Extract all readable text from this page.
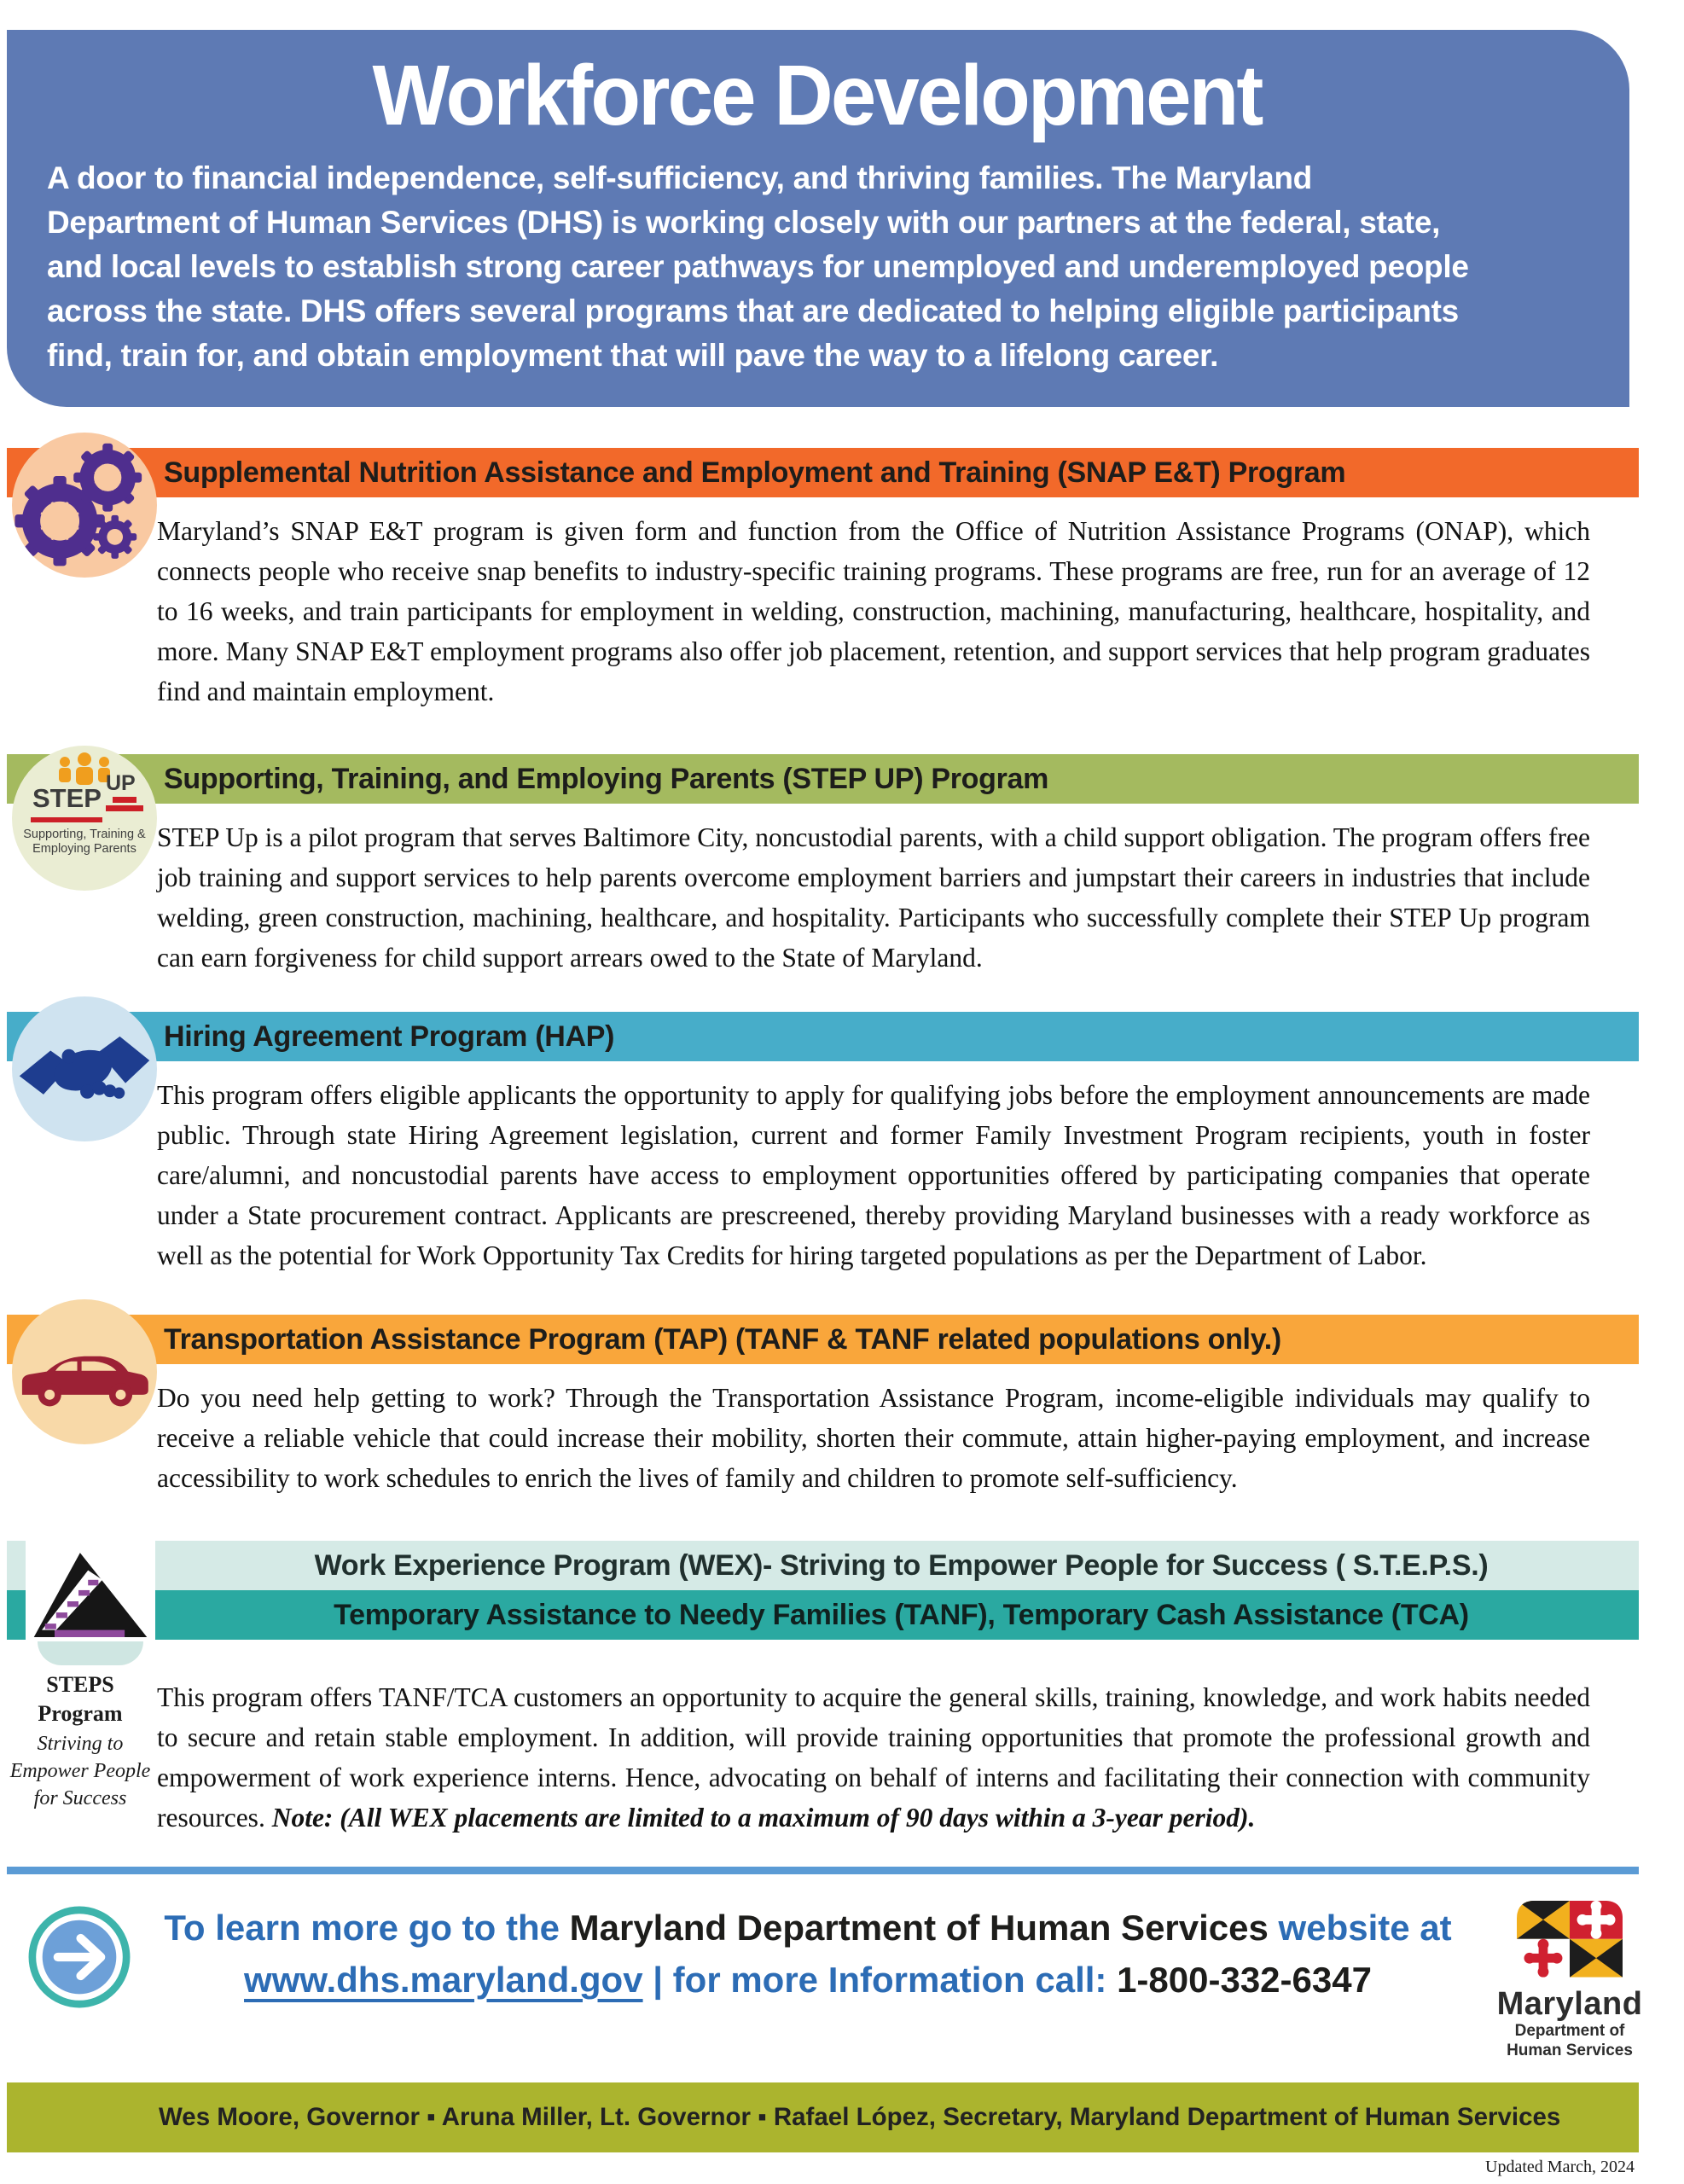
Workforce Development
A door to financial independence, self-sufficiency, and thriving families. The Maryland
Department of Human Services (DHS) is working closely with our partners at the federal, state,
and local levels to establish strong career pathways for unemployed and underemployed people
across the state. DHS offers several programs that are dedicated to helping eligible participants
find, train for, and obtain employment that will pave the way to a lifelong career.
Supplemental Nutrition Assistance and Employment and Training (SNAP E&T) Program

Maryland’s SNAP E&T program is given form and function from the Office of Nutrition Assistance Programs (ONAP), which connects people who receive snap benefits to industry-specific training programs. These programs are free, run for an average of 12 to 16 weeks, and train participants for employment in welding, construction, machining, manufacturing, healthcare, hospitality, and more. Many SNAP E&T employment programs also offer job placement, retention, and support services that help program graduates find and maintain employment.

Supporting, Training, and Employing Parents (STEP UP) Program
STEP UP
Supporting, Training & Employing Parents STEP Up is a pilot program that serves Baltimore City, noncustodial parents, with a child support obligation. The program offers free job training and support services to help parents overcome employment barriers and jumpstart their careers in industries that include welding, green construction, machining, healthcare, and hospitality. Participants who successfully complete their STEP Up program can earn forgiveness for child support arrears owed to the State of Maryland.

Hiring Agreement Program (HAP)

This program offers eligible applicants the opportunity to apply for qualifying jobs before the employment announcements are made public. Through state Hiring Agreement legislation, current and former Family Investment Program recipients, youth in foster care/alumni, and noncustodial parents have access to employment opportunities offered by participating companies that operate under a State procurement contract. Applicants are prescreened, thereby providing Maryland businesses with a ready workforce as well as the potential for Work Opportunity Tax Credits for hiring targeted populations as per the Department of Labor.

Transportation Assistance Program (TAP) (TANF & TANF related populations only.)

Do you need help getting to work? Through the Transportation Assistance Program, income-eligible individuals may qualify to receive a reliable vehicle that could increase their mobility, shorten their commute, attain higher-paying employment, and increase accessibility to work schedules to enrich the lives of family and children to promote self-sufficiency.

Work Experience Program (WEX)- Striving to Empower People for Success ( S.T.E.P.S.)
Temporary Assistance to Needy Families (TANF), Temporary Cash Assistance (TCA)
STEPS Program
Striving to Empower People for Success

This program offers TANF/TCA customers an opportunity to acquire the general skills, training, knowledge, and work habits needed to secure and retain stable employment. In addition, will provide training opportunities that promote the professional growth and empowerment of work experience interns. Hence, advocating on behalf of interns and facilitating their connection with community resources. Note: (All WEX placements are limited to a maximum of 90 days within a 3-year period).

To learn more go to the Maryland Department of Human Services website at
www.dhs.maryland.gov | for more Information call: 1-800-332-6347
Maryland
Department of
Human Services
Wes Moore, Governor ▪ Aruna Miller, Lt. Governor ▪ Rafael López, Secretary, Maryland Department of Human Services
Updated March, 2024
